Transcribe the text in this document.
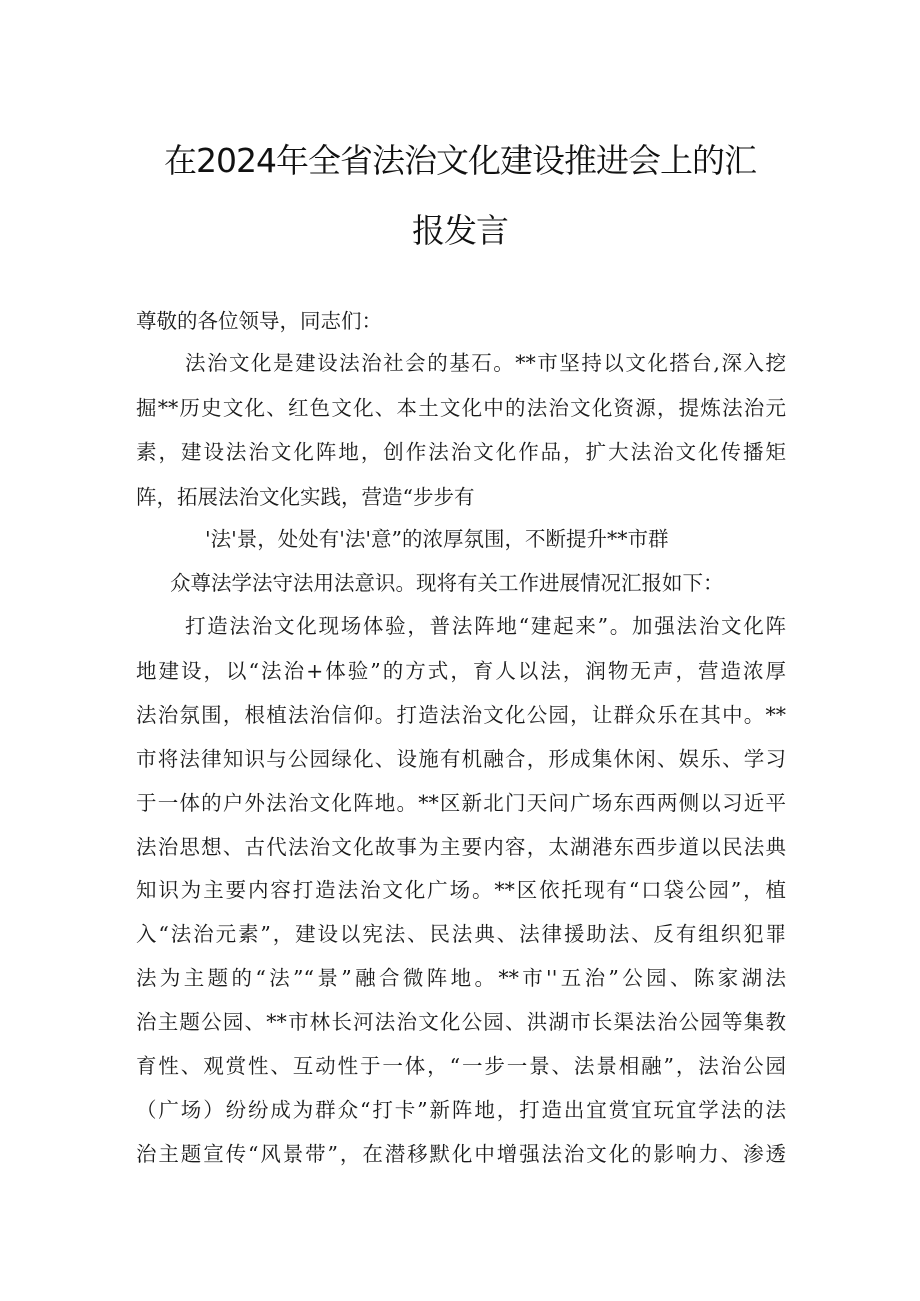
在2024年全省法治文化建设推进会上的汇
报发言
尊敬的各位领导，同志们：
法治文化是建设法治社会的基石。**市坚持以文化搭台,深入挖
掘**历史文化、红色文化、本土文化中的法治文化资源，提炼法治元
素，建设法治文化阵地，创作法治文化作品，扩大法治文化传播矩
阵，拓展法治文化实践，营造“步步有
'法'景，处处有'法'意”的浓厚氛围，不断提升**市群
众尊法学法守法用法意识。现将有关工作进展情况汇报如下：
打造法治文化现场体验，普法阵地“建起来”。加强法治文化阵
地建设，以“法治+体验”的方式，育人以法，润物无声，营造浓厚
法治氛围，根植法治信仰。打造法治文化公园，让群众乐在其中。**
市将法律知识与公园绿化、设施有机融合，形成集休闲、娱乐、学习
于一体的户外法治文化阵地。**区新北门天问广场东西两侧以习近平
法治思想、古代法治文化故事为主要内容，太湖港东西步道以民法典
知识为主要内容打造法治文化广场。**区依托现有“口袋公园”，植
入“法治元素”，建设以宪法、民法典、法律援助法、反有组织犯罪
法为主题的“法”“景”融合微阵地。**市''五治”公园、陈家湖法
治主题公园、**市林长河法治文化公园、洪湖市长渠法治公园等集教
育性、观赏性、互动性于一体，“一步一景、法景相融”，法治公园
（广场）纷纷成为群众“打卡”新阵地，打造出宜赏宜玩宜学法的法
治主题宣传“风景带”，在潜移默化中增强法治文化的影响力、渗透
